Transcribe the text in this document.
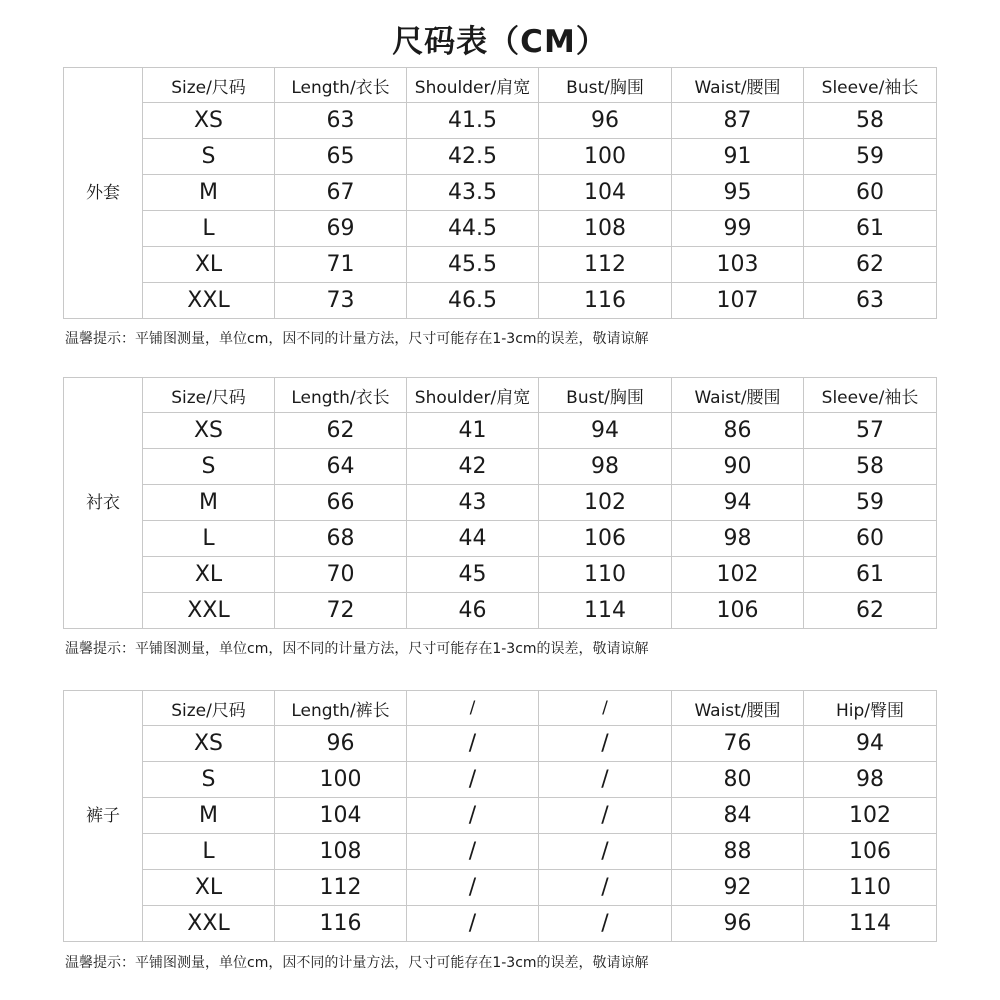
尺码表（CM）
外套	Size/尺码	Length/衣长	Shoulder/肩宽	Bust/胸围	Waist/腰围	Sleeve/袖长
	XS	63	41.5	96	87	58
	S	65	42.5	100	91	59
	M	67	43.5	104	95	60
	L	69	44.5	108	99	61
	XL	71	45.5	112	103	62
	XXL	73	46.5	116	107	63
温馨提示：平铺图测量，单位cm，因不同的计量方法，尺寸可能存在1-3cm的误差，敬请谅解
衬衣	Size/尺码	Length/衣长	Shoulder/肩宽	Bust/胸围	Waist/腰围	Sleeve/袖长
	XS	62	41	94	86	57
	S	64	42	98	90	58
	M	66	43	102	94	59
	L	68	44	106	98	60
	XL	70	45	110	102	61
	XXL	72	46	114	106	62
温馨提示：平铺图测量，单位cm，因不同的计量方法，尺寸可能存在1-3cm的误差，敬请谅解
裤子	Size/尺码	Length/裤长	/	/	Waist/腰围	Hip/臀围
	XS	96	/	/	76	94
	S	100	/	/	80	98
	M	104	/	/	84	102
	L	108	/	/	88	106
	XL	112	/	/	92	110
	XXL	116	/	/	96	114
温馨提示：平铺图测量，单位cm，因不同的计量方法，尺寸可能存在1-3cm的误差，敬请谅解
